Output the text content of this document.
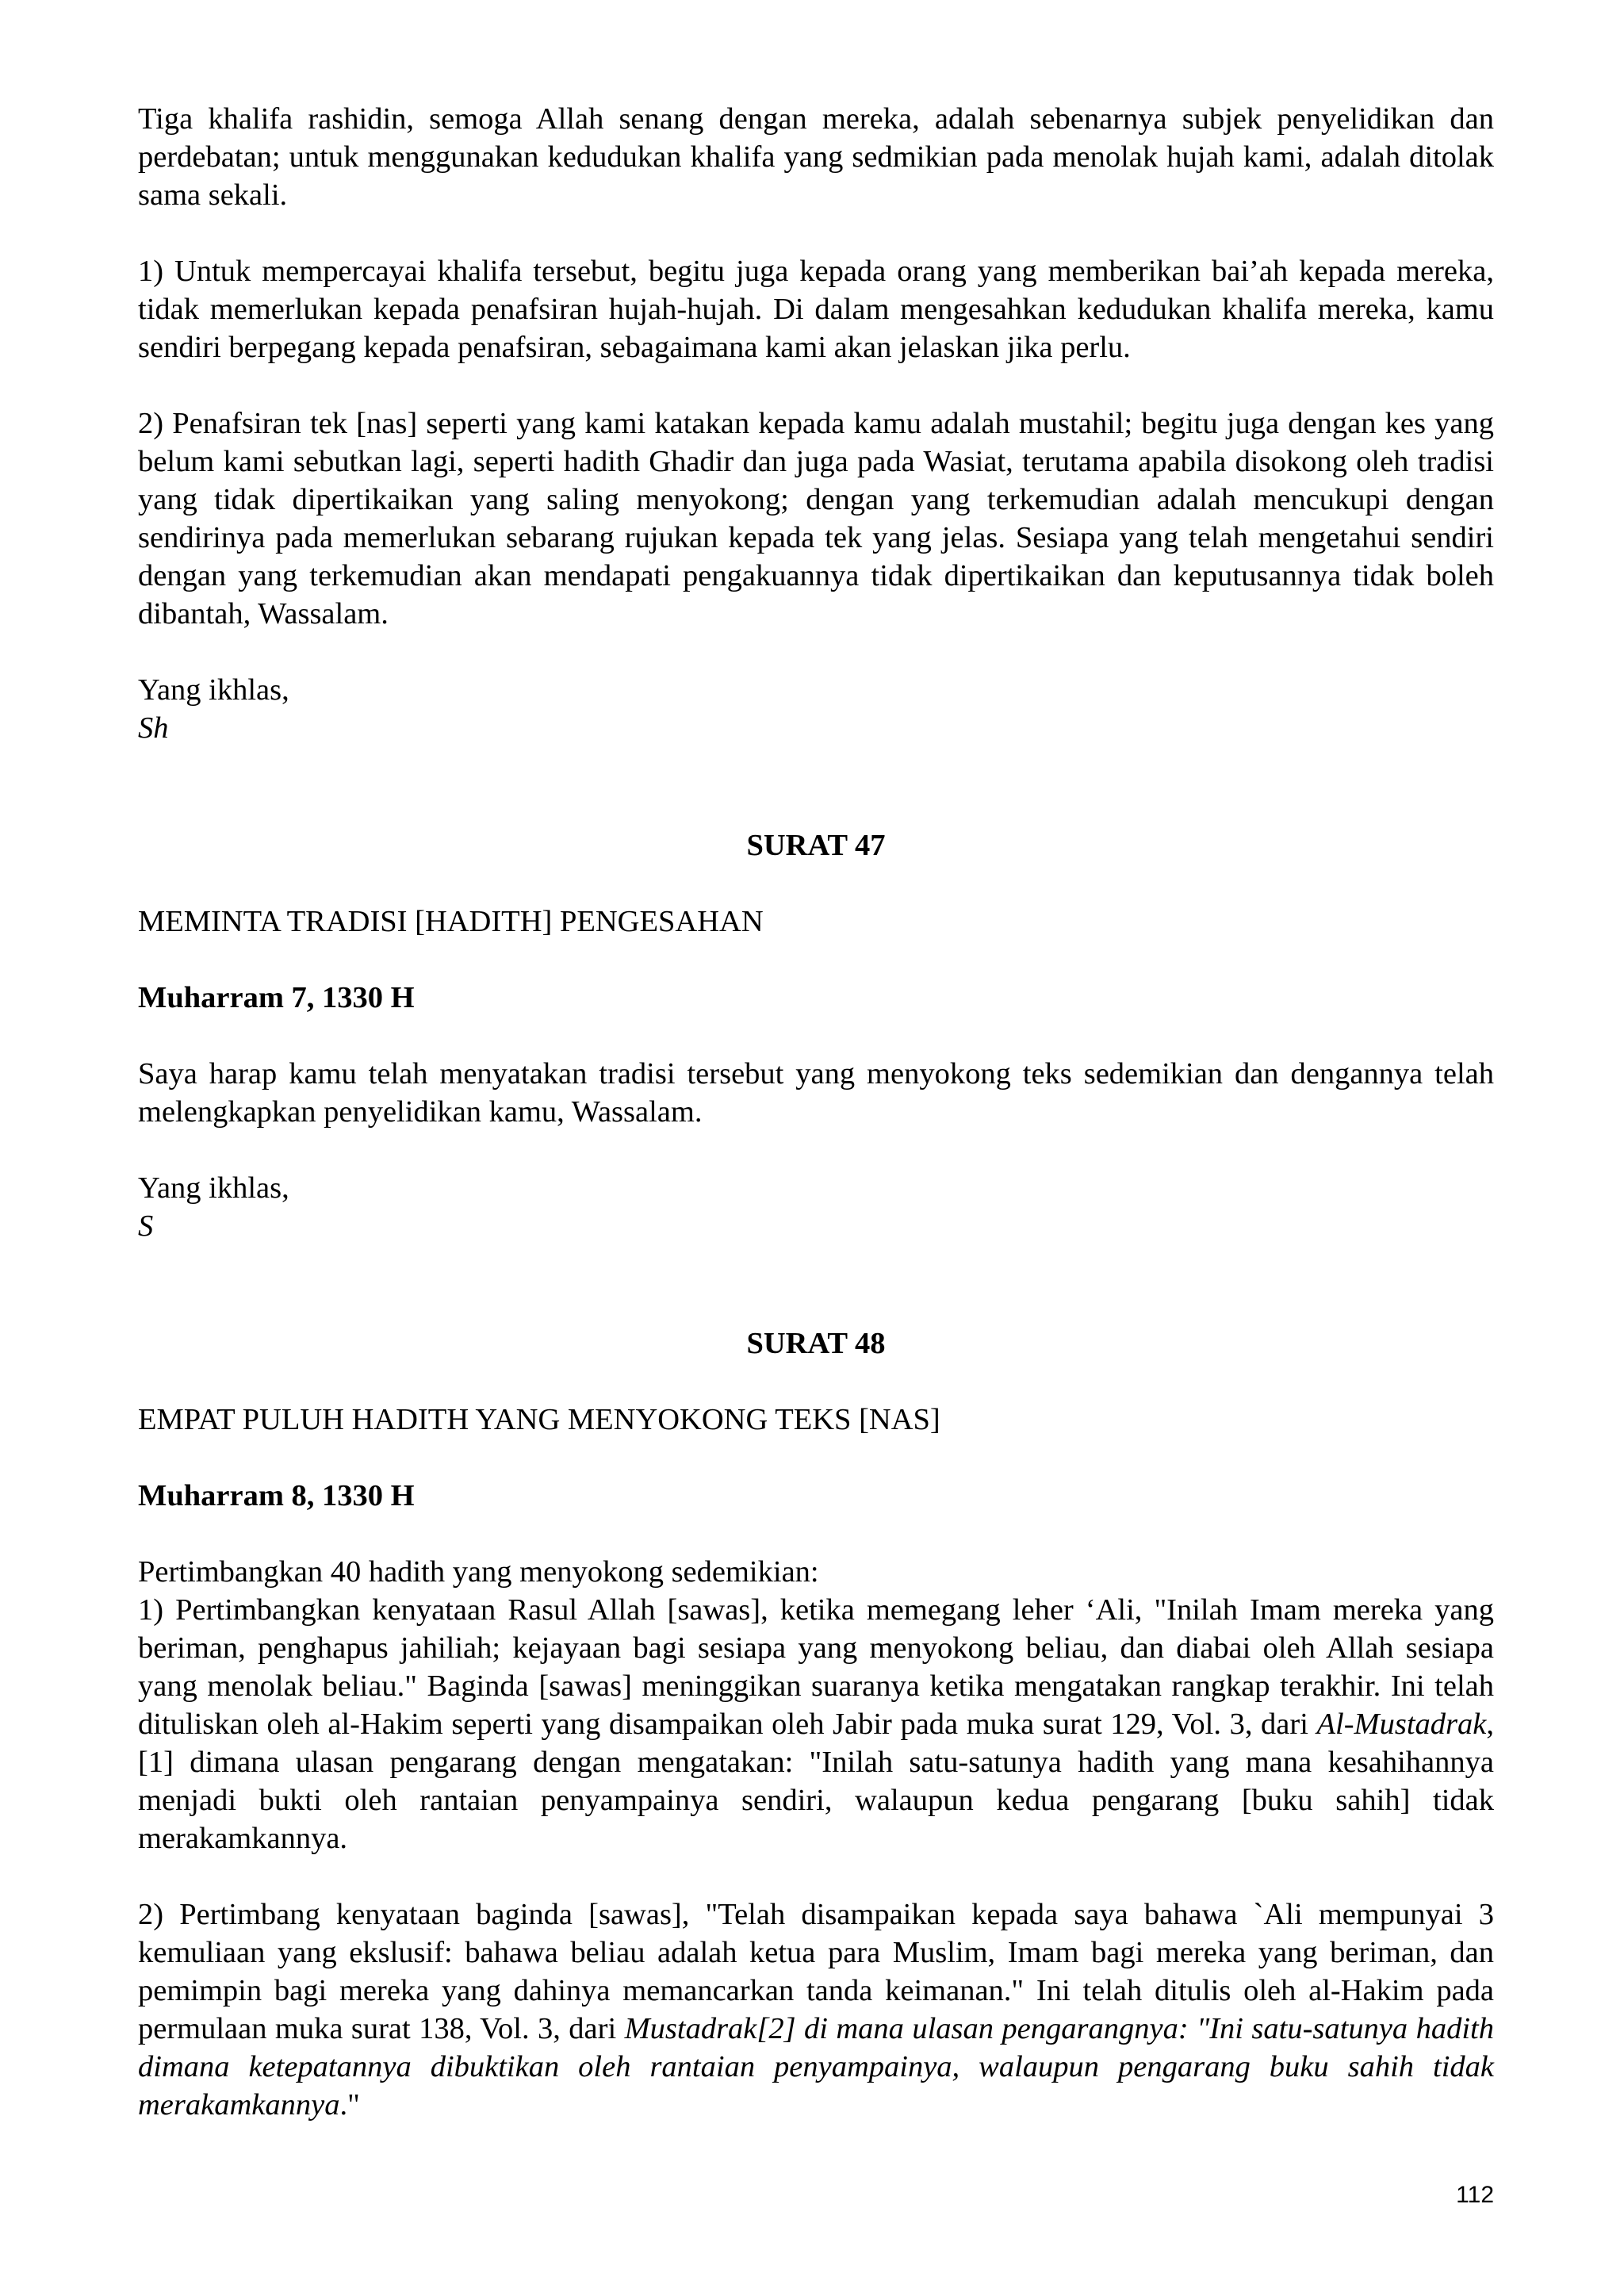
Tiga khalifa rashidin, semoga Allah senang dengan mereka, adalah sebenarnya subjek penyelidikan dan perdebatan; untuk menggunakan kedudukan khalifa yang sedmikian pada menolak hujah kami, adalah ditolak sama sekali.

1) Untuk mempercayai khalifa tersebut, begitu juga kepada orang yang memberikan bai’ah kepada mereka, tidak memerlukan kepada penafsiran hujah-hujah. Di dalam mengesahkan kedudukan khalifa mereka, kamu sendiri berpegang kepada penafsiran, sebagaimana kami akan jelaskan jika perlu.

2) Penafsiran tek [nas] seperti yang kami katakan kepada kamu adalah mustahil; begitu juga dengan kes yang belum kami sebutkan lagi, seperti hadith Ghadir dan juga pada Wasiat, terutama apabila disokong oleh tradisi yang tidak dipertikaikan yang saling menyokong; dengan yang terkemudian adalah mencukupi dengan sendirinya pada memerlukan sebarang rujukan kepada tek yang jelas. Sesiapa yang telah mengetahui sendiri dengan yang terkemudian akan mendapati pengakuannya tidak dipertikaikan dan keputusannya tidak boleh dibantah, Wassalam.

Yang ikhlas,

Sh

SURAT 47

MEMINTA TRADISI [HADITH] PENGESAHAN

Muharram 7, 1330 H

Saya harap kamu telah menyatakan tradisi tersebut yang menyokong teks sedemikian dan dengannya telah melengkapkan penyelidikan kamu, Wassalam.

Yang ikhlas,

S

SURAT 48

EMPAT PULUH HADITH YANG MENYOKONG TEKS [NAS]

Muharram 8, 1330 H

Pertimbangkan 40 hadith yang menyokong sedemikian:

1) Pertimbangkan kenyataan Rasul Allah [sawas], ketika memegang leher ‘Ali, "Inilah Imam mereka yang beriman, penghapus jahiliah; kejayaan bagi sesiapa yang menyokong beliau, dan diabai oleh Allah sesiapa yang menolak beliau." Baginda [sawas] meninggikan suaranya ketika mengatakan rangkap terakhir. Ini telah dituliskan oleh al-Hakim seperti yang disampaikan oleh Jabir pada muka surat 129, Vol. 3, dari Al-Mustadrak,[1] dimana ulasan pengarang dengan mengatakan: "Inilah satu-satunya hadith yang mana kesahihannya menjadi bukti oleh rantaian penyampainya sendiri, walaupun kedua pengarang [buku sahih] tidak merakamkannya.

2) Pertimbang kenyataan baginda [sawas], "Telah disampaikan kepada saya bahawa `Ali mempunyai 3 kemuliaan yang ekslusif: bahawa beliau adalah ketua para Muslim, Imam bagi mereka yang beriman, dan pemimpin bagi mereka yang dahinya memancarkan tanda keimanan." Ini telah ditulis oleh al-Hakim pada permulaan muka surat 138, Vol. 3, dari Mustadrak[2] di mana ulasan pengarangnya: "Ini satu-satunya hadith dimana ketepatannya dibuktikan oleh rantaian penyampainya, walaupun pengarang buku sahih tidak merakamkannya."

112
